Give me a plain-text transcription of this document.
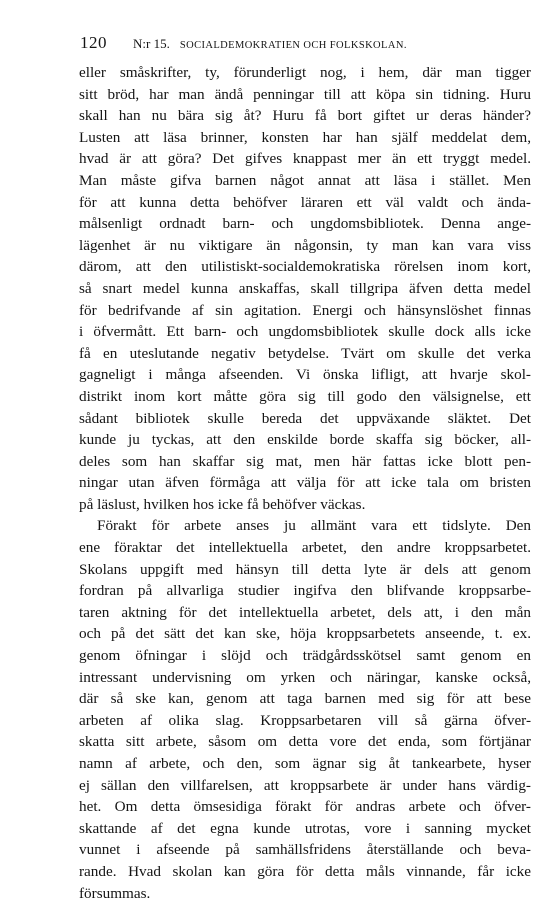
120 N:r 15. SOCIALDEMOKRATIEN OCH FOLKSKOLAN.
eller småskrifter, ty, förunderligt nog, i hem, där man tigger
sitt bröd, har man ändå penningar till att köpa sin tidning. Huru
skall han nu bära sig åt? Huru få bort giftet ur deras händer?
Lusten att läsa brinner, konsten har han själf meddelat dem,
hvad är att göra? Det gifves knappast mer än ett tryggt medel.
Man måste gifva barnen något annat att läsa i stället. Men
för att kunna detta behöfver läraren ett väl valdt och ända-
målsenligt ordnadt barn- och ungdomsbibliotek. Denna ange-
lägenhet är nu viktigare än någonsin, ty man kan vara viss
därom, att den utilistiskt-socialdemokratiska rörelsen inom kort,
så snart medel kunna anskaffas, skall tillgripa äfven detta medel
för bedrifvande af sin agitation. Energi och hänsynslöshet finnas
i öfvermått. Ett barn- och ungdomsbibliotek skulle dock alls icke
få en uteslutande negativ betydelse. Tvärt om skulle det verka
gagneligt i många afseenden. Vi önska lifligt, att hvarje skol-
distrikt inom kort måtte göra sig till godo den välsignelse, ett
sådant bibliotek skulle bereda det uppväxande släktet. Det
kunde ju tyckas, att den enskilde borde skaffa sig böcker, all-
deles som han skaffar sig mat, men här fattas icke blott pen-
ningar utan äfven förmåga att välja för att icke tala om bristen
på läslust, hvilken hos icke få behöfver väckas.
Förakt för arbete anses ju allmänt vara ett tidslyte. Den
ene föraktar det intellektuella arbetet, den andre kroppsarbetet.
Skolans uppgift med hänsyn till detta lyte är dels att genom
fordran på allvarliga studier ingifva den blifvande kroppsarbe-
taren aktning för det intellektuella arbetet, dels att, i den mån
och på det sätt det kan ske, höja kroppsarbetets anseende, t. ex.
genom öfningar i slöjd och trädgårdsskötsel samt genom en
intressant undervisning om yrken och näringar, kanske också,
där så ske kan, genom att taga barnen med sig för att bese
arbeten af olika slag. Kroppsarbetaren vill så gärna öfver-
skatta sitt arbete, såsom om detta vore det enda, som förtjänar
namn af arbete, och den, som ägnar sig åt tankearbete, hyser
ej sällan den villfarelsen, att kroppsarbete är under hans värdig-
het. Om detta ömsesidiga förakt för andras arbete och öfver-
skattande af det egna kunde utrotas, vore i sanning mycket
vunnet i afseende på samhällsfridens återställande och beva-
rande. Hvad skolan kan göra för detta måls vinnande, får icke
försummas.
